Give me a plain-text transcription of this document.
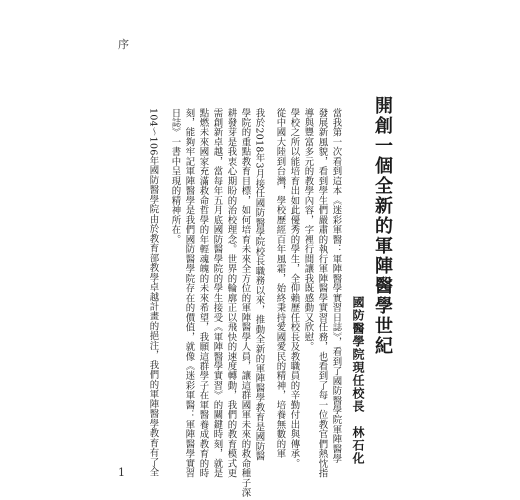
序
開創一個全新的軍陣醫學世紀
國防醫學院現任校長　林石化
當我第一次看到這本《迷彩軍醫：軍陣醫學實習日誌》，看到了國防醫學院軍陣醫學
發展新風貌，看到學生們嚴肅的執行軍陣醫學實習任務，也看到了每一位教官們熱忱指
導與豐富多元的教學內容，字裡行間讓我既感動又欣慰。
學校之所以能培育出如此優秀的學生，全仰賴歷任校長及教職員的辛勤付出與傳承。
從中國大陸到台灣，學校歷經百年風霜，始終秉持愛國愛民的精神，培養無數的軍
我於2018年3月接任國防醫學院校長職務以來，推動全新的軍陣醫學教育是國防醫
學院的重點教育目標，如何培育未來全方位的軍陣醫學人員，讓這群國軍未來的救命種子深
耕發芽是我衷心期盼的治校理念。世界的輪廓正以飛快的速度轉動，我們的教育模式更
需創新卓越，當每年五月底國防醫學院的學生接受《軍陣醫學實習》的關鍵時刻，就是
點燃未來國家充滿救命哲學的年輕魂魄的未來希望，我願這群學子在軍醫養成教育的時
刻，能夠牢記軍陣醫學是我們國防醫學院存在的價值，就像《迷彩軍醫：軍陣醫學實習
日誌》一書中呈現的精神所在。
104～106年國防醫學院由於教育部教學卓越計畫的挹注，我們的軍陣醫學教育有了全
1
